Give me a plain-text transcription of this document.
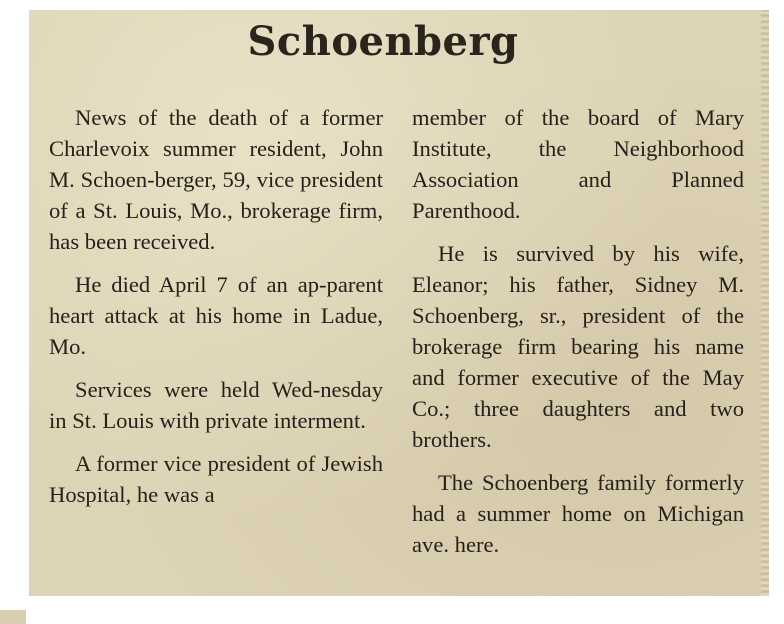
Schoenberg

News of the death of a former Charlevoix summer resident, John M. Schoen-berger, 59, vice president of a St. Louis, Mo., brokerage firm, has been received.

He died April 7 of an ap-parent heart attack at his home in Ladue, Mo.

Services were held Wed-nesday in St. Louis with private interment.

A former vice president of Jewish Hospital, he was a

member of the board of Mary Institute, the Neighborhood Association and Planned Parenthood.

He is survived by his wife, Eleanor; his father, Sidney M. Schoenberg, sr., president of the brokerage firm bearing his name and former executive of the May Co.; three daughters and two brothers.

The Schoenberg family formerly had a summer home on Michigan ave. here.
